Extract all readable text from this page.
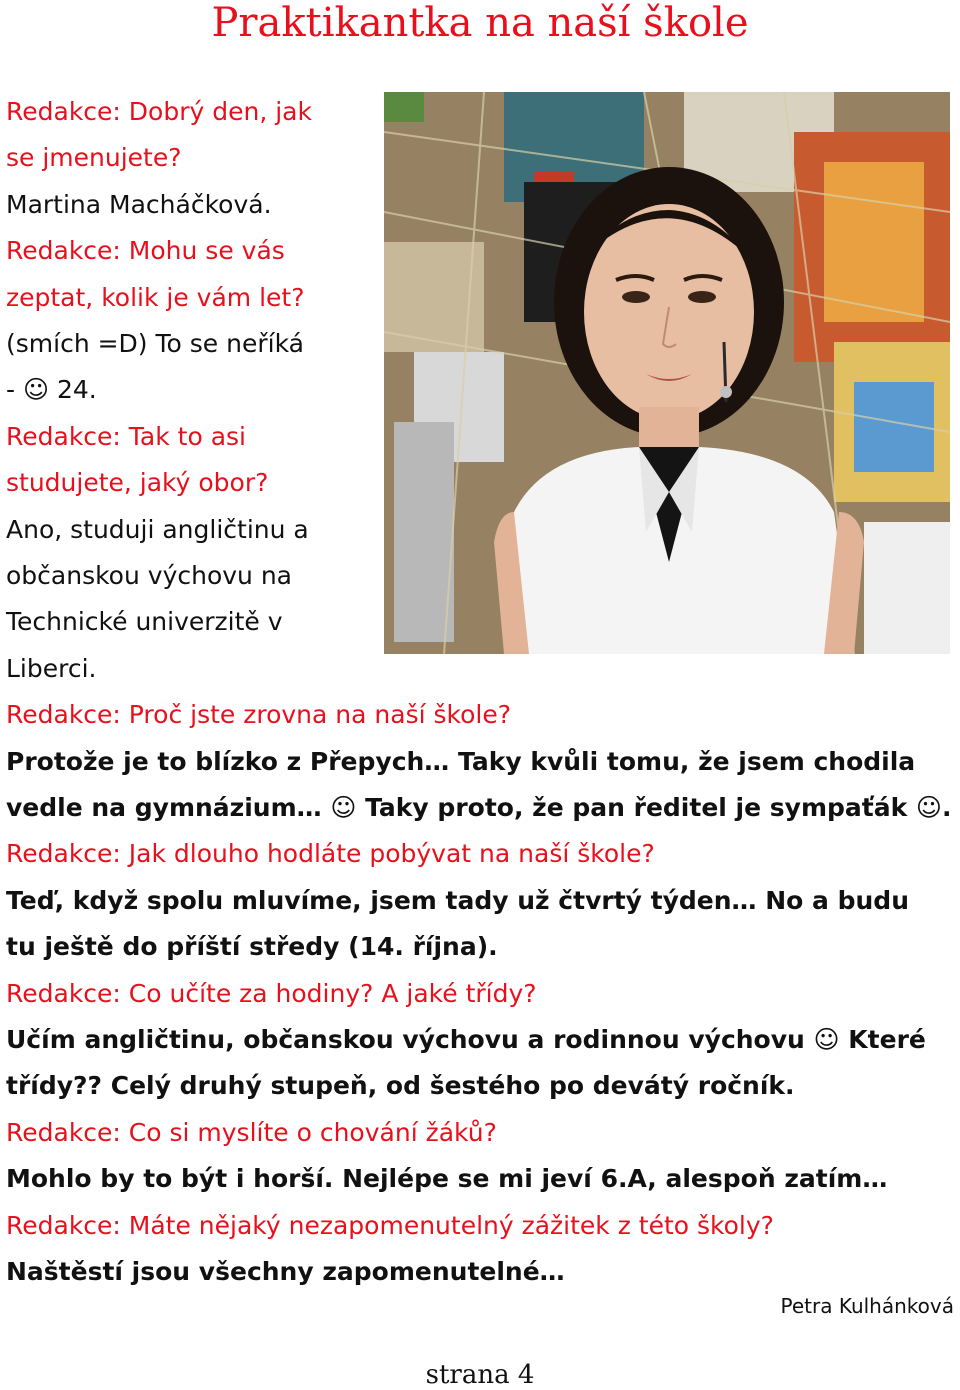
Praktikantka na naší škole
Redakce: Dobrý den, jak
se jmenujete?
Martina Macháčková.
Redakce: Mohu se vás
zeptat, kolik je vám let?
(smích =D) To se neříká
- ☺ 24.
Redakce: Tak to asi
studujete, jaký obor?
Ano, studuji angličtinu a
občanskou výchovu na
Technické univerzitě v
Liberci.
Redakce: Proč jste zrovna na naší škole?
Protože je to blízko z Přepych… Taky kvůli tomu, že jsem chodila
vedle na gymnázium… ☺ Taky proto, že pan ředitel je sympaťák ☺.
Redakce: Jak dlouho hodláte pobývat na naší škole?
Teď, když spolu mluvíme, jsem tady už čtvrtý týden… No a budu
tu ještě do příští středy (14. října).
Redakce: Co učíte za hodiny? A jaké třídy?
Učím angličtinu, občanskou výchovu a rodinnou výchovu ☺ Které
třídy?? Celý druhý stupeň, od šestého po devátý ročník.
Redakce: Co si myslíte o chování žáků?
Mohlo by to být i horší. Nejlépe se mi jeví 6.A, alespoň zatím…
Redakce: Máte nějaký nezapomenutelný zážitek z této školy?
Naštěstí jsou všechny zapomenutelné…
Petra Kulhánková
strana 4
